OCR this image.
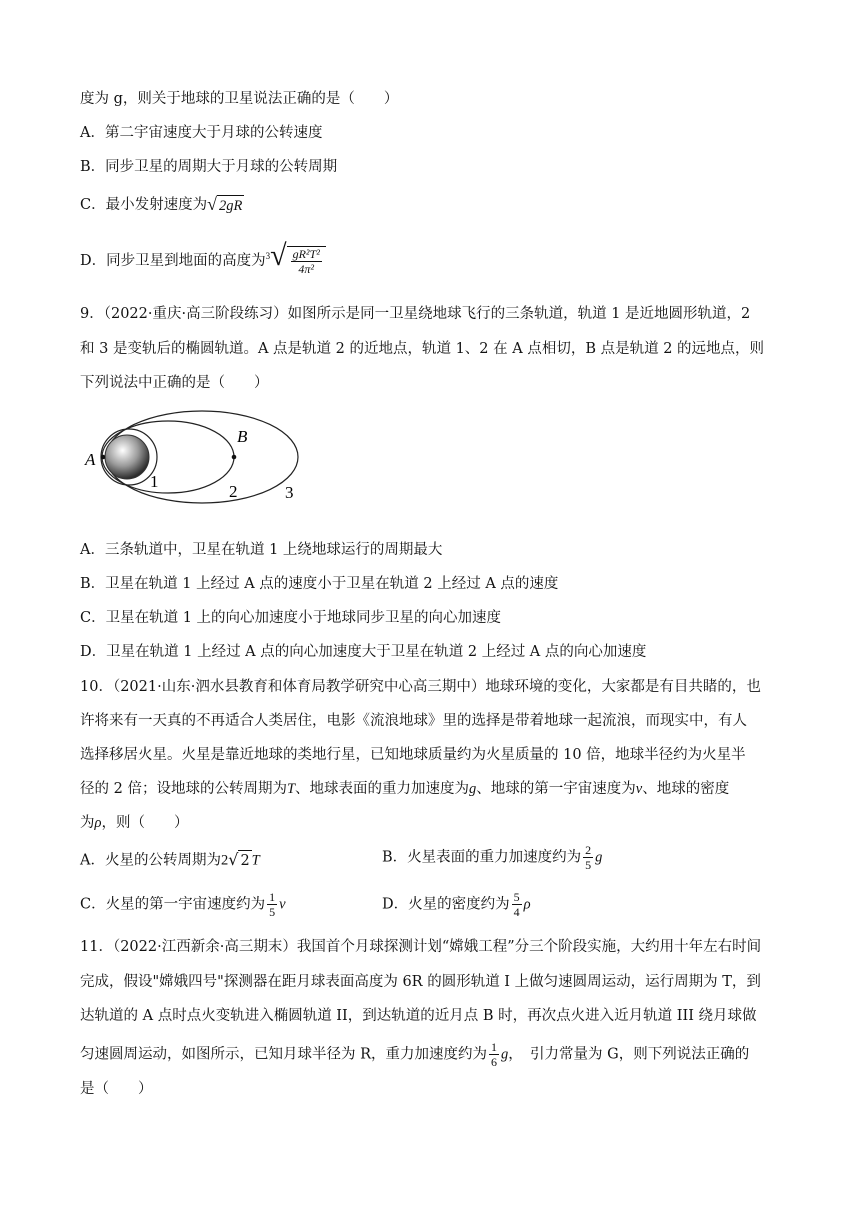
度为 g，则关于地球的卫星说法正确的是（　　）
A．第二宇宙速度大于月球的公转速度
B．同步卫星的周期大于月球的公转周期
C．最小发射速度为√ 2gR
D．同步卫星到地面的高度为$^3√ \frac{\text{gR²T²}}{\text{4π²}}$
9．（2022·重庆·高三阶段练习）如图所示是同一卫星绕地球飞行的三条轨道，轨道 1 是近地圆形轨道，2
和 3 是变轨后的椭圆轨道。A 点是轨道 2 的近地点，轨道 1、2 在 A 点相切，B 点是轨道 2 的远地点，则
下列说法中正确的是（　　）
A
B
1
2	3
A．三条轨道中，卫星在轨道 1 上绕地球运行的周期最大
B．卫星在轨道 1 上经过 A 点的速度小于卫星在轨道 2 上经过 A 点的速度
C．卫星在轨道 1 上的向心加速度小于地球同步卫星的向心加速度
D．卫星在轨道 1 上经过 A 点的向心加速度大于卫星在轨道 2 上经过 A 点的向心加速度
10．（2021·山东·泗水县教育和体育局教学研究中心高三期中）地球环境的变化，大家都是有目共睹的，也
许将来有一天真的不再适合人类居住，电影《流浪地球》里的选择是带着地球一起流浪，而现实中，有人
选择移居火星。火星是靠近地球的类地行星，已知地球质量约为火星质量的 10 倍，地球半径约为火星半
径的 2 倍；设地球的公转周期为T、地球表面的重力加速度为g、地球的第一宇宙速度为v、地球的密度
为ρ，则（　　）
A．火星的公转周期为2√ 2 T	B．火星表面的重力加速度约为 $\frac{2}{5}$ g
C．火星的第一宇宙速度约为 $\frac{1}{5}$ v	D．火星的密度约为 $\frac{5}{4}$ ρ
11．（2022·江西新余·高三期末）我国首个月球探测计划“嫦娥工程”分三个阶段实施，大约用十年左右时间
完成，假设"嫦娥四号"探测器在距月球表面高度为 6R 的圆形轨道 I 上做匀速圆周运动，运行周期为 T，到
达轨道的 A 点时点火变轨进入椭圆轨道 II，到达轨道的近月点 B 时，再次点火进入近月轨道 III 绕月球做
匀速圆周运动，如图所示，已知月球半径为 R，重力加速度约为 $\frac{1}{6}$ g，　引力常量为 G，则下列说法正确的
是（　　）
